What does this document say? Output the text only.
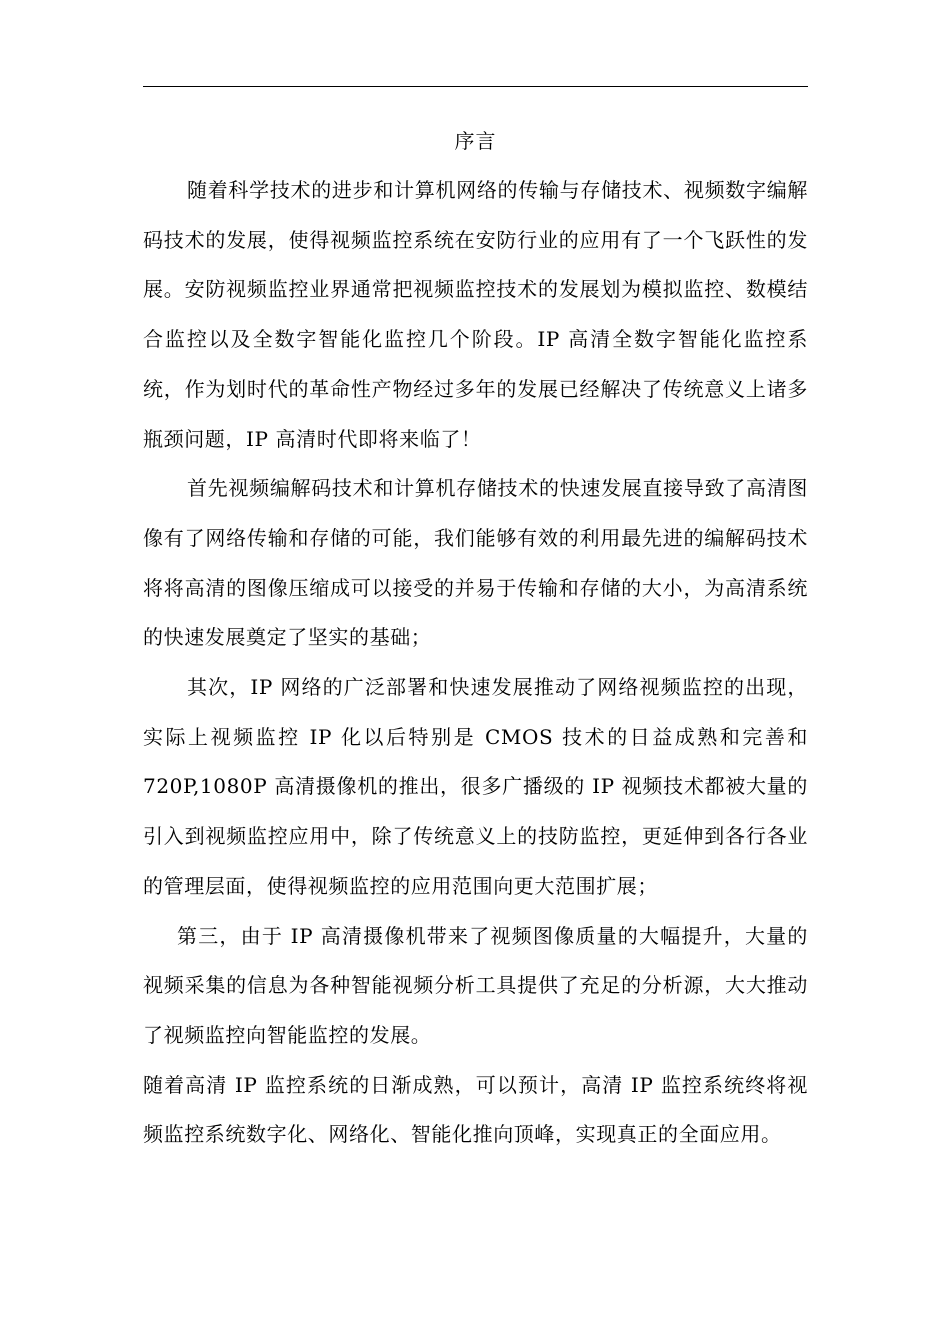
序言

随着科学技术的进步和计算机网络的传输与存储技术、视频数字编解码技术的发展，使得视频监控系统在安防行业的应用有了一个飞跃性的发展。安防视频监控业界通常把视频监控技术的发展划为模拟监控、数模结合监控以及全数字智能化监控几个阶段。IP 高清全数字智能化监控系统，作为划时代的革命性产物经过多年的发展已经解决了传统意义上诸多瓶颈问题，IP 高清时代即将来临了！

首先视频编解码技术和计算机存储技术的快速发展直接导致了高清图像有了网络传输和存储的可能，我们能够有效的利用最先进的编解码技术将将高清的图像压缩成可以接受的并易于传输和存储的大小，为高清系统的快速发展奠定了坚实的基础；

其次，IP 网络的广泛部署和快速发展推动了网络视频监控的出现，实际上视频监控 IP 化以后特别是 CMOS 技术的日益成熟和完善和 720P,1080P 高清摄像机的推出，很多广播级的 IP 视频技术都被大量的引入到视频监控应用中，除了传统意义上的技防监控，更延伸到各行各业的管理层面，使得视频监控的应用范围向更大范围扩展；

第三，由于 IP 高清摄像机带来了视频图像质量的大幅提升，大量的视频采集的信息为各种智能视频分析工具提供了充足的分析源，大大推动了视频监控向智能监控的发展。

随着高清 IP 监控系统的日渐成熟，可以预计，高清 IP 监控系统终将视频监控系统数字化、网络化、智能化推向顶峰，实现真正的全面应用。
